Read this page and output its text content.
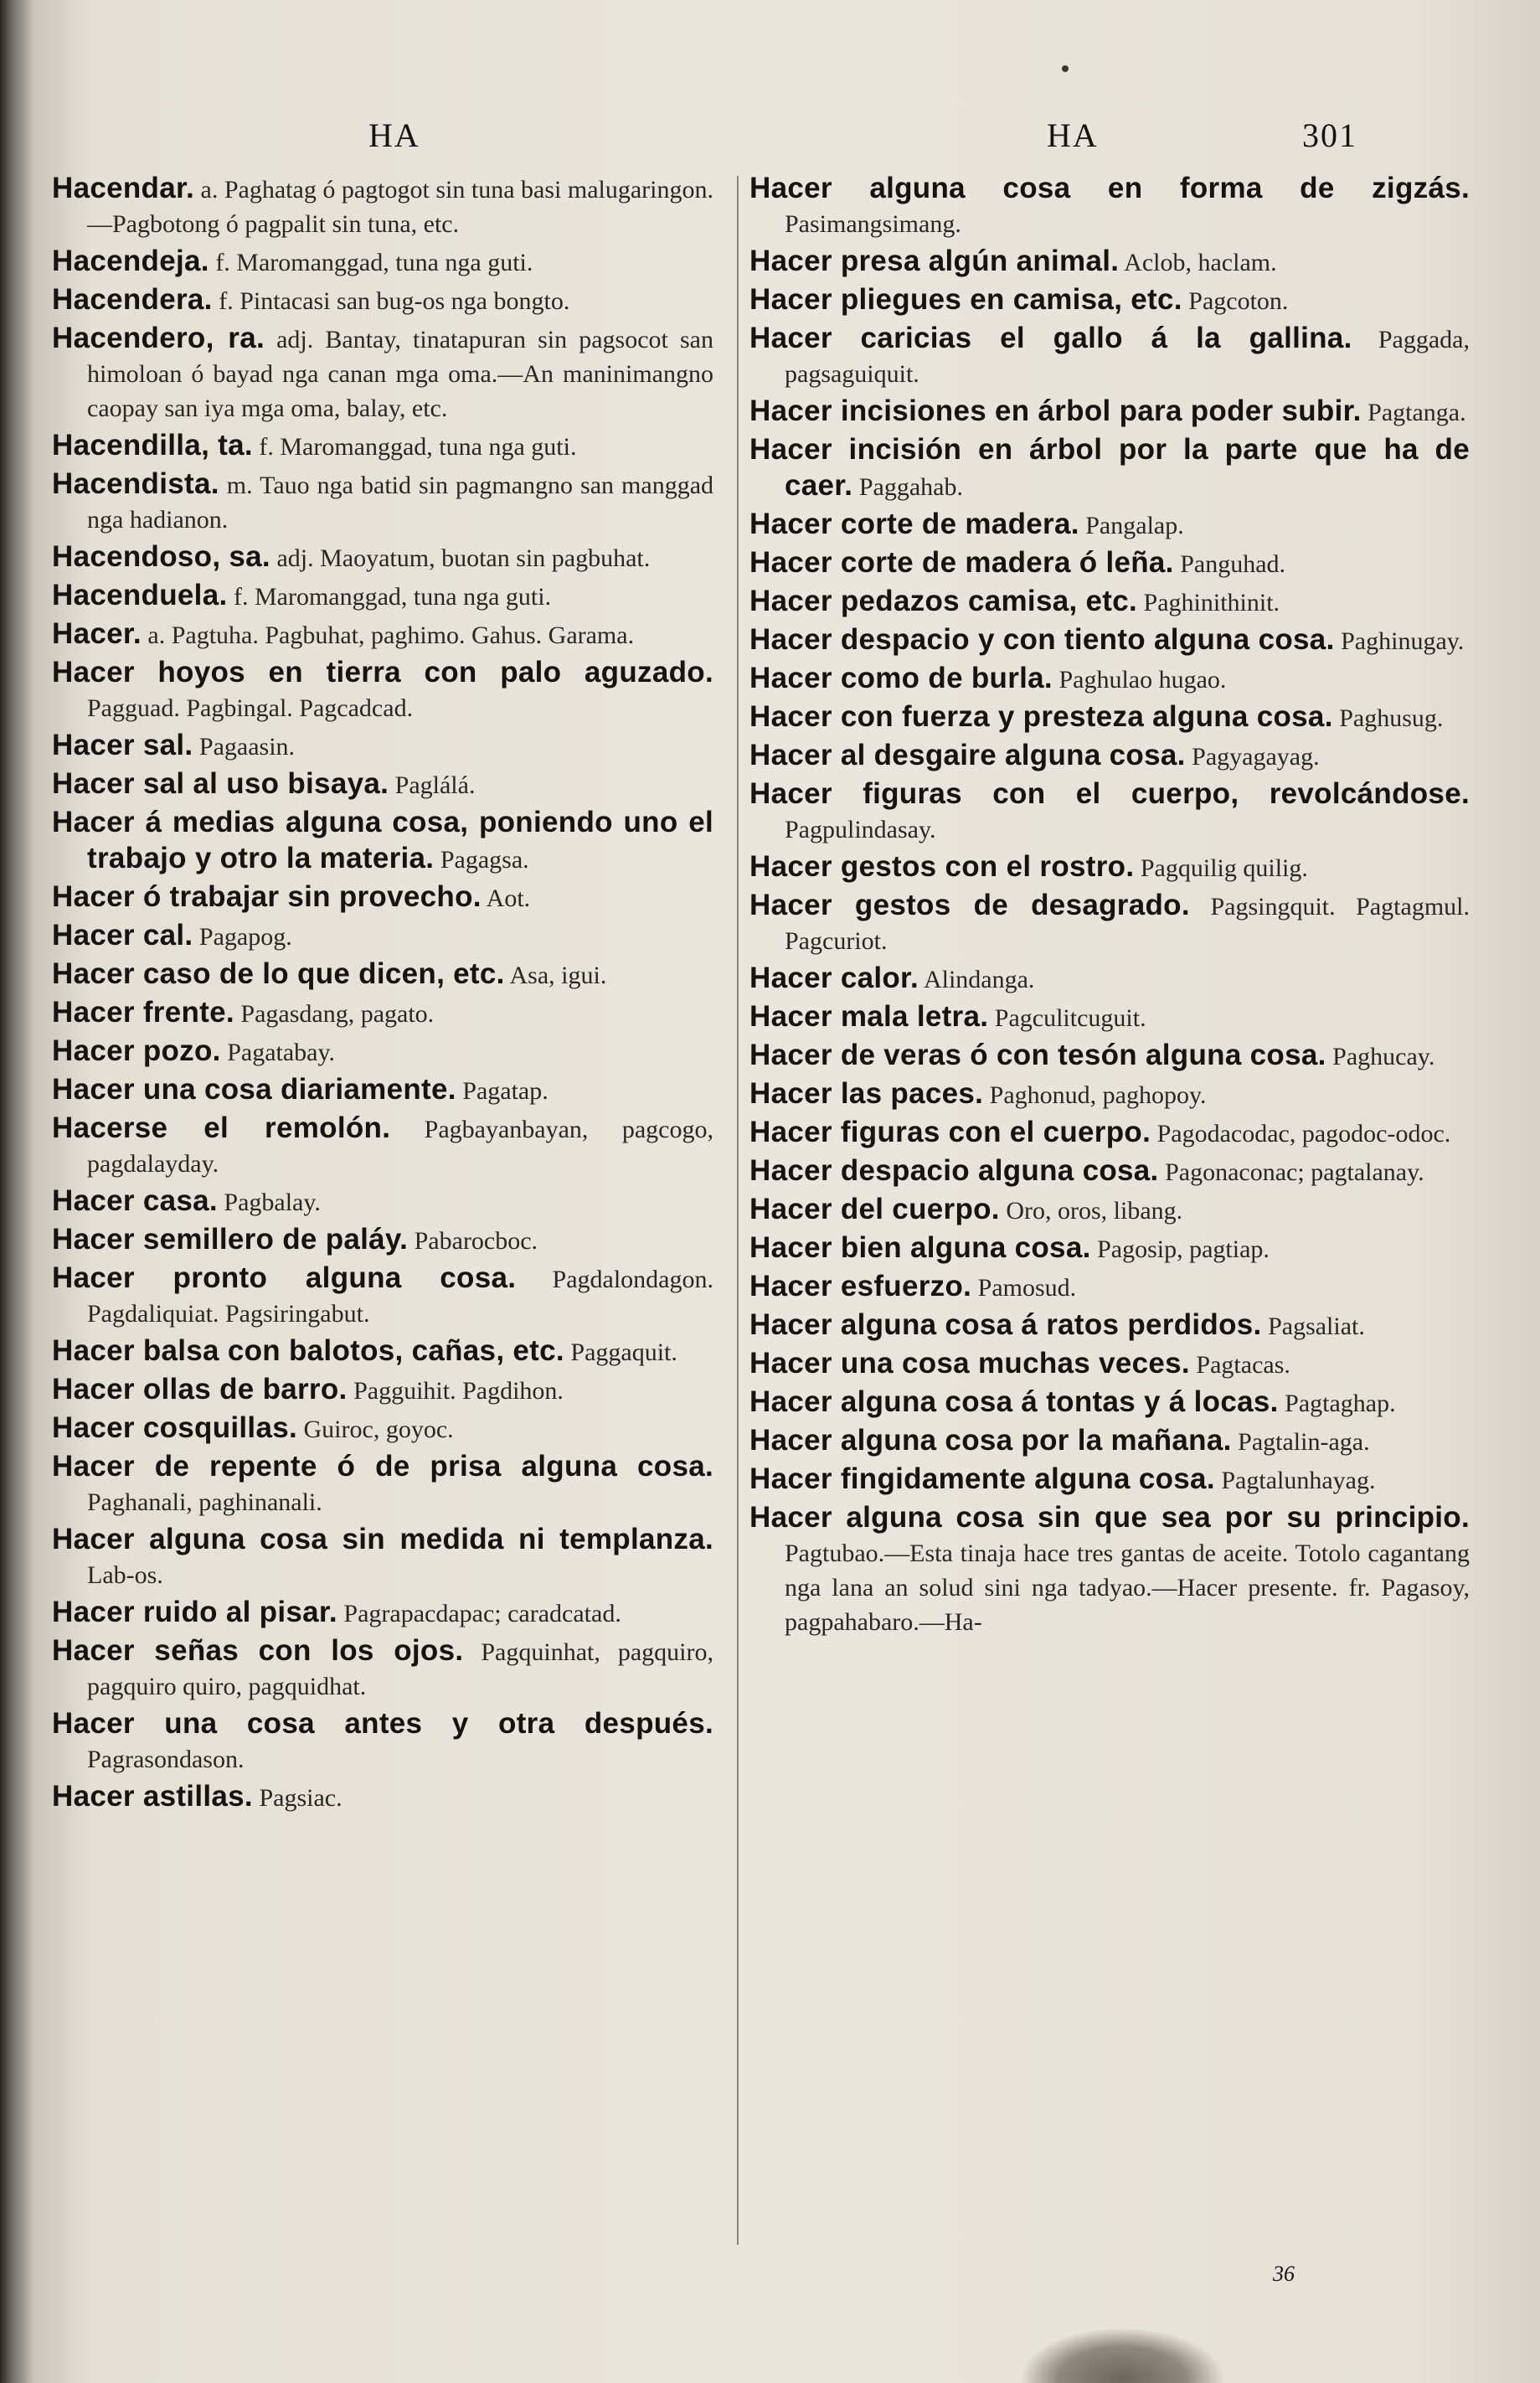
HA	HA	301

Hacendar. a. Paghatag ó pagtogot sin tuna basi malugaringon.—Pagbotong ó pagpalit sin tuna, etc.

Hacendeja. f. Maromanggad, tuna nga guti.

Hacendera. f. Pintacasi san bug-os nga bongto.

Hacendero, ra. adj. Bantay, tinatapuran sin pagsocot san himoloan ó bayad nga canan mga oma.—An maninimangno caopay san iya mga oma, balay, etc.

Hacendilla, ta. f. Maromanggad, tuna nga guti.

Hacendista. m. Tauo nga batid sin pagmangno san manggad nga hadianon.

Hacendoso, sa. adj. Maoyatum, buotan sin pagbuhat.

Hacenduela. f. Maromanggad, tuna nga guti.

Hacer. a. Pagtuha. Pagbuhat, paghimo. Gahus. Garama.

Hacer hoyos en tierra con palo aguzado. Pagguad. Pagbingal. Pagcadcad.

Hacer sal. Pagaasin.

Hacer sal al uso bisaya. Paglálá.

Hacer á medias alguna cosa, poniendo uno el trabajo y otro la materia. Pagagsa.

Hacer ó trabajar sin provecho. Aot.

Hacer cal. Pagapog.

Hacer caso de lo que dicen, etc. Asa, igui.

Hacer frente. Pagasdang, pagato.

Hacer pozo. Pagatabay.

Hacer una cosa diariamente. Pagatap.

Hacerse el remolón. Pagbayanbayan, pagcogo, pagdalayday.

Hacer casa. Pagbalay.

Hacer semillero de paláy. Pabarocboc.

Hacer pronto alguna cosa. Pagdalondagon. Pagdaliquiat. Pagsiringabut.

Hacer balsa con balotos, cañas, etc. Paggaquit.

Hacer ollas de barro. Pagguihit. Pagdihon.

Hacer cosquillas. Guiroc, goyoc.

Hacer de repente ó de prisa alguna cosa. Paghanali, paghinanali.

Hacer alguna cosa sin medida ni templanza. Lab-os.

Hacer ruido al pisar. Pagrapacdapac; caradcatad.

Hacer señas con los ojos. Pagquinhat, pagquiro, pagquiro quiro, pagquidhat.

Hacer una cosa antes y otra después. Pagrasondason.

Hacer astillas. Pagsiac.

Hacer alguna cosa en forma de zigzás. Pasimangsimang.

Hacer presa algún animal. Aclob, haclam.

Hacer pliegues en camisa, etc. Pagcoton.

Hacer caricias el gallo á la gallina. Paggada, pagsaguiquit.

Hacer incisiones en árbol para poder subir. Pagtanga.

Hacer incisión en árbol por la parte que ha de caer. Paggahab.

Hacer corte de madera. Pangalap.

Hacer corte de madera ó leña. Panguhad.

Hacer pedazos camisa, etc. Paghinithinit.

Hacer despacio y con tiento alguna cosa. Paghinugay.

Hacer como de burla. Paghulao hugao.

Hacer con fuerza y presteza alguna cosa. Paghusug.

Hacer al desgaire alguna cosa. Pagyagayag.

Hacer figuras con el cuerpo, revolcándose. Pagpulindasay.

Hacer gestos con el rostro. Pagquilig quilig.

Hacer gestos de desagrado. Pagsingquit. Pagtagmul. Pagcuriot.

Hacer calor. Alindanga.

Hacer mala letra. Pagculitcuguit.

Hacer de veras ó con tesón alguna cosa. Paghucay.

Hacer las paces. Paghonud, paghopoy.

Hacer figuras con el cuerpo. Pagodacodac, pagodoc-odoc.

Hacer despacio alguna cosa. Pagonaconac; pagtalanay.

Hacer del cuerpo. Oro, oros, libang.

Hacer bien alguna cosa. Pagosip, pagtiap.

Hacer esfuerzo. Pamosud.

Hacer alguna cosa á ratos perdidos. Pagsaliat.

Hacer una cosa muchas veces. Pagtacas.

Hacer alguna cosa á tontas y á locas. Pagtaghap.

Hacer alguna cosa por la mañana. Pagtalin-aga.

Hacer fingidamente alguna cosa. Pagtalunhayag.

Hacer alguna cosa sin que sea por su principio. Pagtubao.—Esta tinaja hace tres gantas de aceite. Totolo cagantang nga lana an solud sini nga tadyao.—Hacer presente. fr. Pagasoy, pagpahabaro.—Ha-

36
